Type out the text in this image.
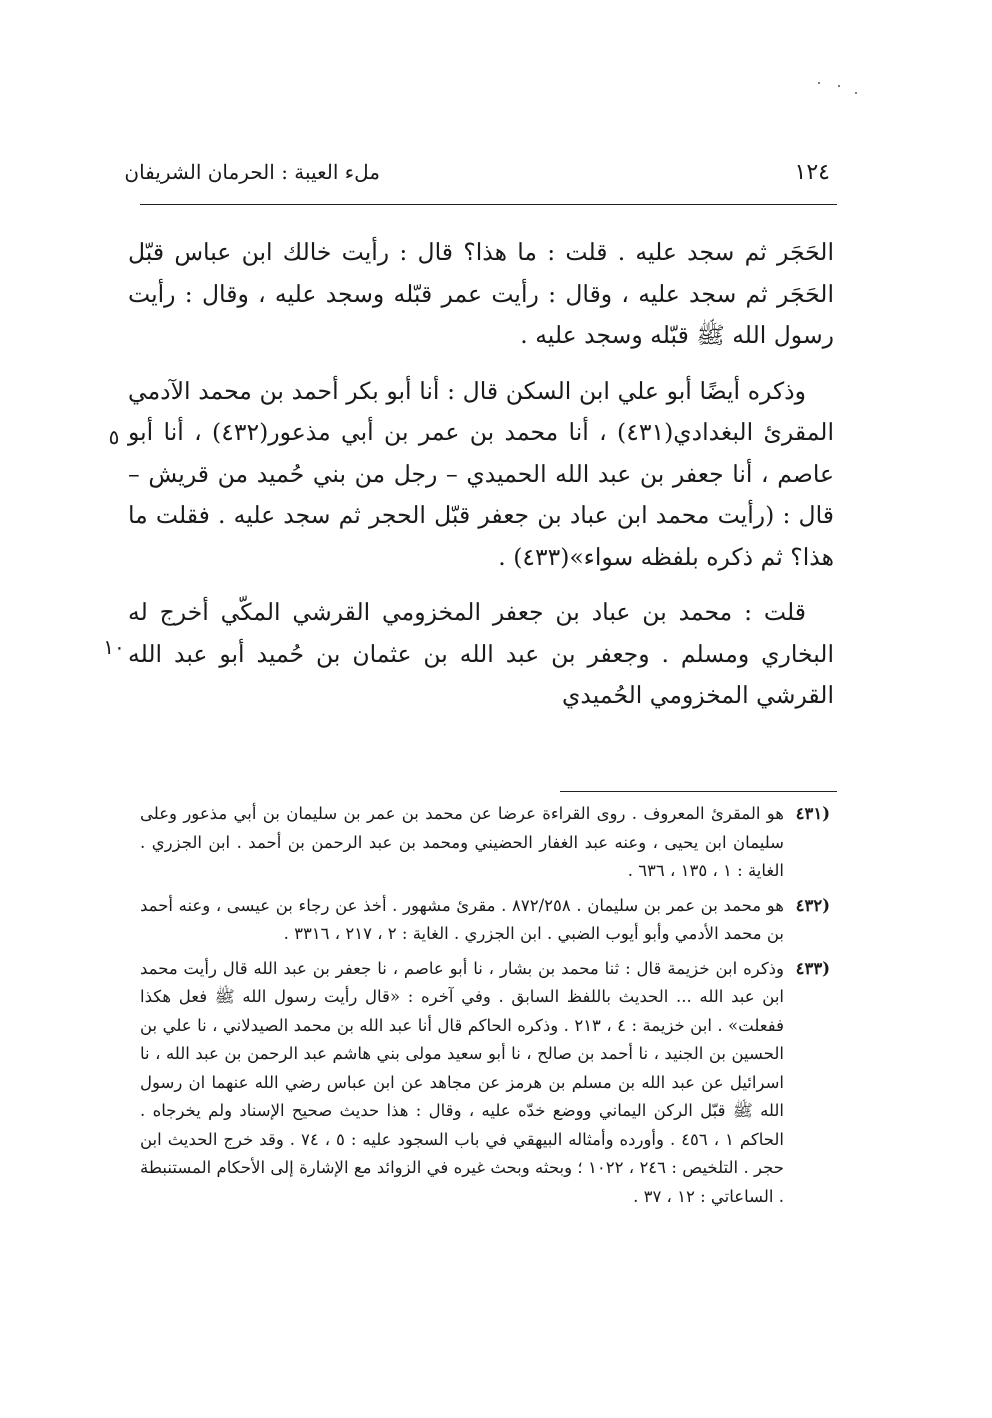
١٢٤
ملء العيبة : الحرمان الشريفان

الحَجَر ثم سجد عليه . قلت : ما هذا؟ قال : رأيت خالك ابن عباس قبّل الحَجَر ثم سجد عليه ، وقال : رأيت عمر قبّله وسجد عليه ، وقال : رأيت رسول الله ﷺ قبّله وسجد عليه .

وذكره أيضًا أبو علي ابن السكن قال : أنا أبو بكر أحمد بن محمد الآدمي المقرئ البغدادي(٤٣١) ، أنا محمد بن عمر بن أبي مذعور(٤٣٢) ، أنا أبو عاصم ، أنا جعفر بن عبد الله الحميدي – رجل من بني حُميد من قريش – قال : (رأيت محمد ابن عباد بن جعفر قبّل الحجر ثم سجد عليه . فقلت ما هذا؟ ثم ذكره بلفظه سواء»(٤٣٣) .

قلت : محمد بن عباد بن جعفر المخزومي القرشي المكّي أخرج له البخاري ومسلم . وجعفر بن عبد الله بن عثمان بن حُميد أبو عبد الله القرشي المخزومي الحُميدي

٥
١٠
(٤٣١
هو المقرئ المعروف . روى القراءة عرضا عن محمد بن عمر بن سليمان بن أبي مذعور وعلى سليمان ابن يحيى ، وعنه عبد الغفار الحضيني ومحمد بن عبد الرحمن بن أحمد . ابن الجزري . الغاية : ١ ، ١٣٥ ، ٦٣٦ .
(٤٣٢
هو محمد بن عمر بن سليمان . ٨٧٢/٢٥٨ . مقرئ مشهور . أخذ عن رجاء بن عيسى ، وعنه أحمد بن محمد الأدمي وأبو أيوب الضبي . ابن الجزري . الغاية : ٢ ، ٢١٧ ، ٣٣١٦ .
(٤٣٣
وذكره ابن خزيمة قال : ثنا محمد بن بشار ، نا أبو عاصم ، نا جعفر بن عبد الله قال رأيت محمد ابن عبد الله ... الحديث باللفظ السابق . وفي آخره : «قال رأيت رسول الله ﷺ فعل هكذا ففعلت» . ابن خزيمة : ٤ ، ٢١٣ . وذكره الحاكم قال أنا عبد الله بن محمد الصيدلاني ، نا علي بن الحسين بن الجنيد ، نا أحمد بن صالح ، نا أبو سعيد مولى بني هاشم عبد الرحمن بن عبد الله ، نا اسرائيل عن عبد الله بن مسلم بن هرمز عن مجاهد عن ابن عباس رضي الله عنهما ان رسول الله ﷺ قبّل الركن اليماني ووضع خدّه عليه ، وقال : هذا حديث صحيح الإسناد ولم يخرجاه . الحاكم ١ ، ٤٥٦ . وأورده وأمثاله البيهقي في باب السجود عليه : ٥ ، ٧٤ . وقد خرج الحديث ابن حجر . التلخيص : ٢٤٦ ، ١٠٢٢ ؛ وبحثه وبحث غيره في الزوائد مع الإشارة إلى الأحكام المستنبطة . الساعاتي : ١٢ ، ٣٧ .
